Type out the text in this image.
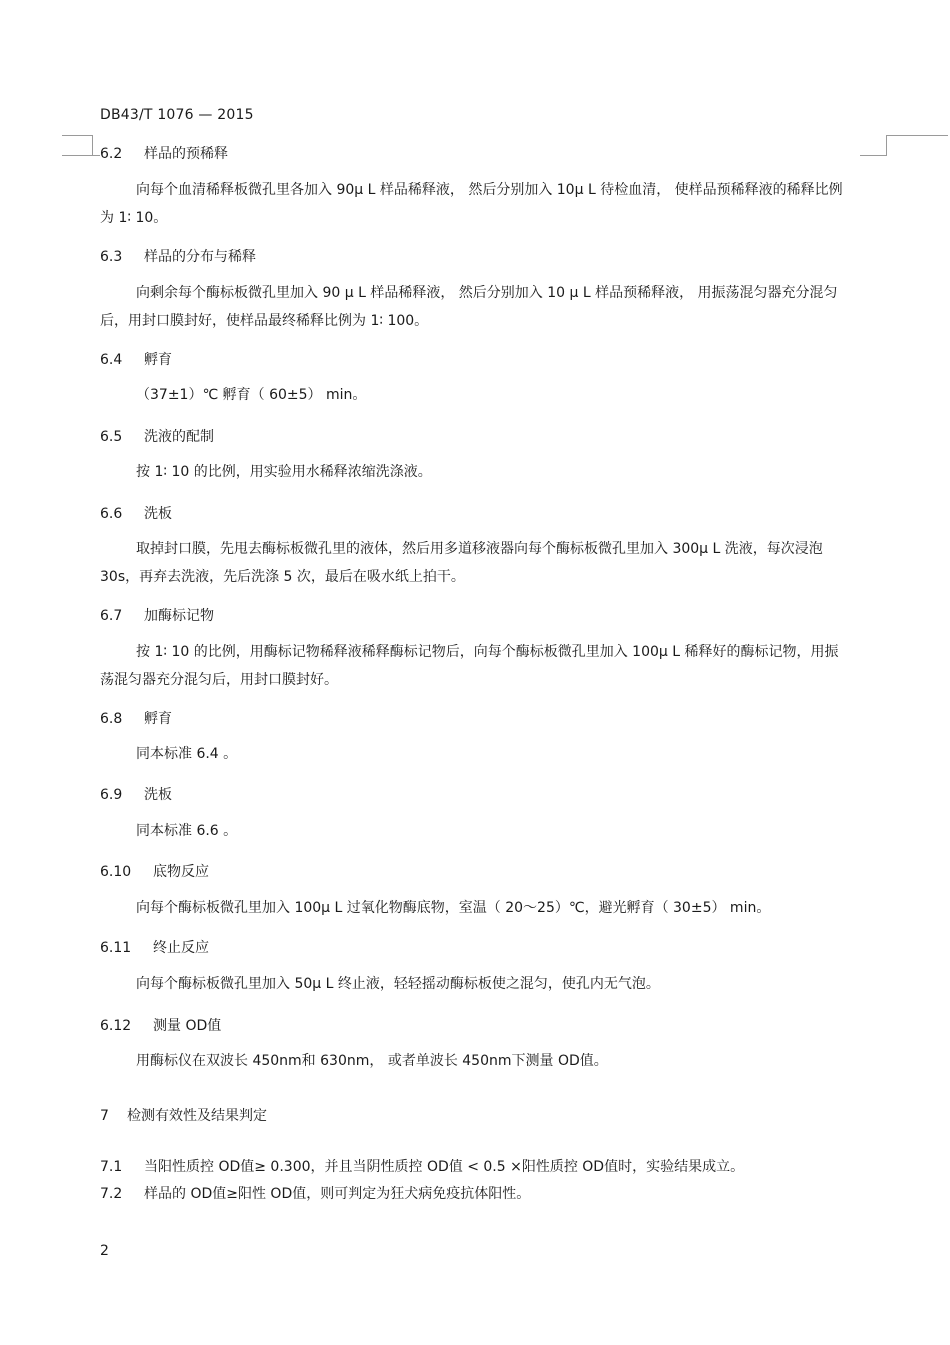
DB43/T 1076 — 2015
6.2 样品的预稀释
向每个血清稀释板微孔里各加入 90μ L 样品稀释液， 然后分别加入 10μ L 待检血清， 使样品预稀释液的稀释比例为 1∶ 10。
6.3 样品的分布与稀释
向剩余每个酶标板微孔里加入 90 μ L 样品稀释液， 然后分别加入 10 μ L 样品预稀释液， 用振荡混匀器充分混匀后，用封口膜封好，使样品最终稀释比例为 1∶ 100。
6.4 孵育
（37±1）℃ 孵育（ 60±5） min。
6.5 洗液的配制
按 1∶ 10 的比例，用实验用水稀释浓缩洗涤液。
6.6 洗板
取掉封口膜，先甩去酶标板微孔里的液体，然后用多道移液器向每个酶标板微孔里加入 300μ L 洗液，每次浸泡 30s，再弃去洗液，先后洗涤 5 次，最后在吸水纸上拍干。
6.7 加酶标记物
按 1∶ 10 的比例，用酶标记物稀释液稀释酶标记物后，向每个酶标板微孔里加入 100μ L 稀释好的酶标记物，用振荡混匀器充分混匀后，用封口膜封好。
6.8 孵育
同本标准 6.4 。
6.9 洗板
同本标准 6.6 。
6.10 底物反应
向每个酶标板微孔里加入 100μ L 过氧化物酶底物，室温（ 20～25）℃，避光孵育（ 30±5） min。
6.11 终止反应
向每个酶标板微孔里加入 50μ L 终止液，轻轻摇动酶标板使之混匀，使孔内无气泡。
6.12 测量 OD值
用酶标仪在双波长 450nm和 630nm， 或者单波长 450nm下测量 OD值。
7 检测有效性及结果判定
7.1 当阳性质控 OD值≥ 0.300，并且当阴性质控 OD值 < 0.5 ×阳性质控 OD值时，实验结果成立。
7.2 样品的 OD值≥阳性 OD值，则可判定为狂犬病免疫抗体阳性。
2
